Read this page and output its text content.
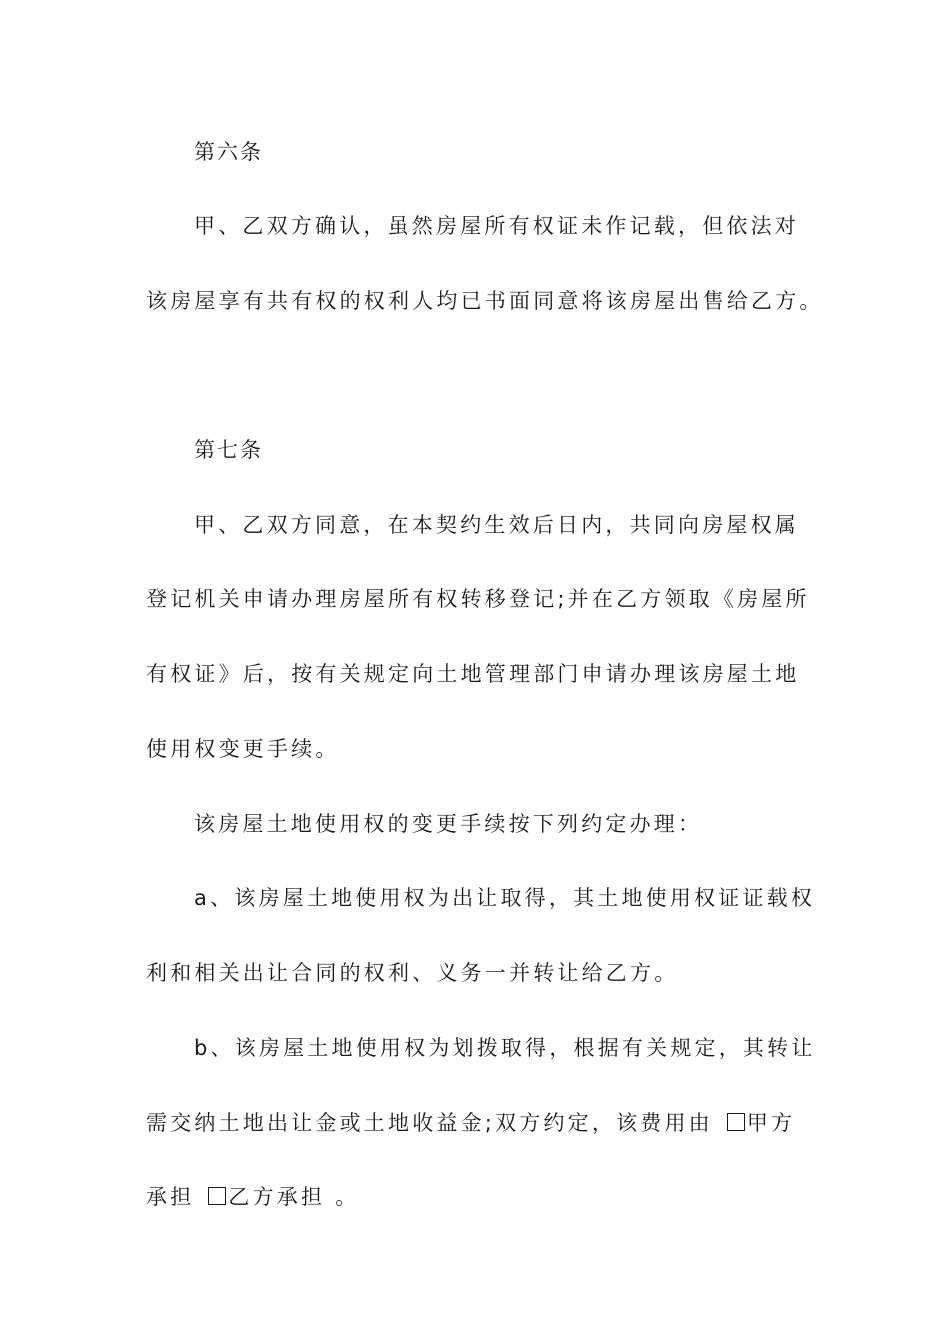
第六条
甲、乙双方确认，虽然房屋所有权证未作记载，但依法对
该房屋享有共有权的权利人均已书面同意将该房屋出售给乙方。
第七条
甲、乙双方同意，在本契约生效后日内，共同向房屋权属
登记机关申请办理房屋所有权转移登记;并在乙方领取《房屋所
有权证》后，按有关规定向土地管理部门申请办理该房屋土地
使用权变更手续。
该房屋土地使用权的变更手续按下列约定办理：
a、该房屋土地使用权为出让取得，其土地使用权证证载权
利和相关出让合同的权利、义务一并转让给乙方。
b、该房屋土地使用权为划拨取得，根据有关规定，其转让
需交纳土地出让金或土地收益金;双方约定，该费用由 甲方
承担 乙方承担 。
